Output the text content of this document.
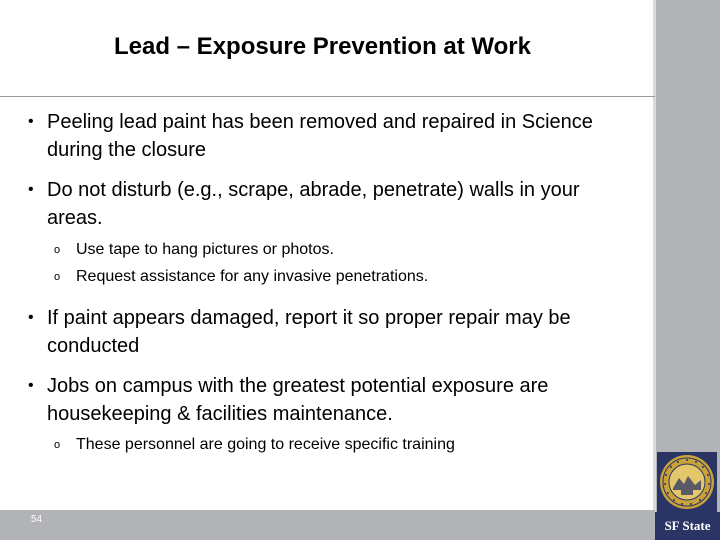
Lead – Exposure Prevention at Work
• Peeling lead paint has been removed and repaired in Science during the closure
• Do not disturb (e.g., scrape, abrade, penetrate) walls in your areas.
o Use tape to hang pictures or photos.
o Request assistance for any invasive penetrations.
• If paint appears damaged, report it so proper repair may be conducted
• Jobs on campus with the greatest potential exposure are housekeeping & facilities maintenance.
o These personnel are going to receive specific training
54	SF State
